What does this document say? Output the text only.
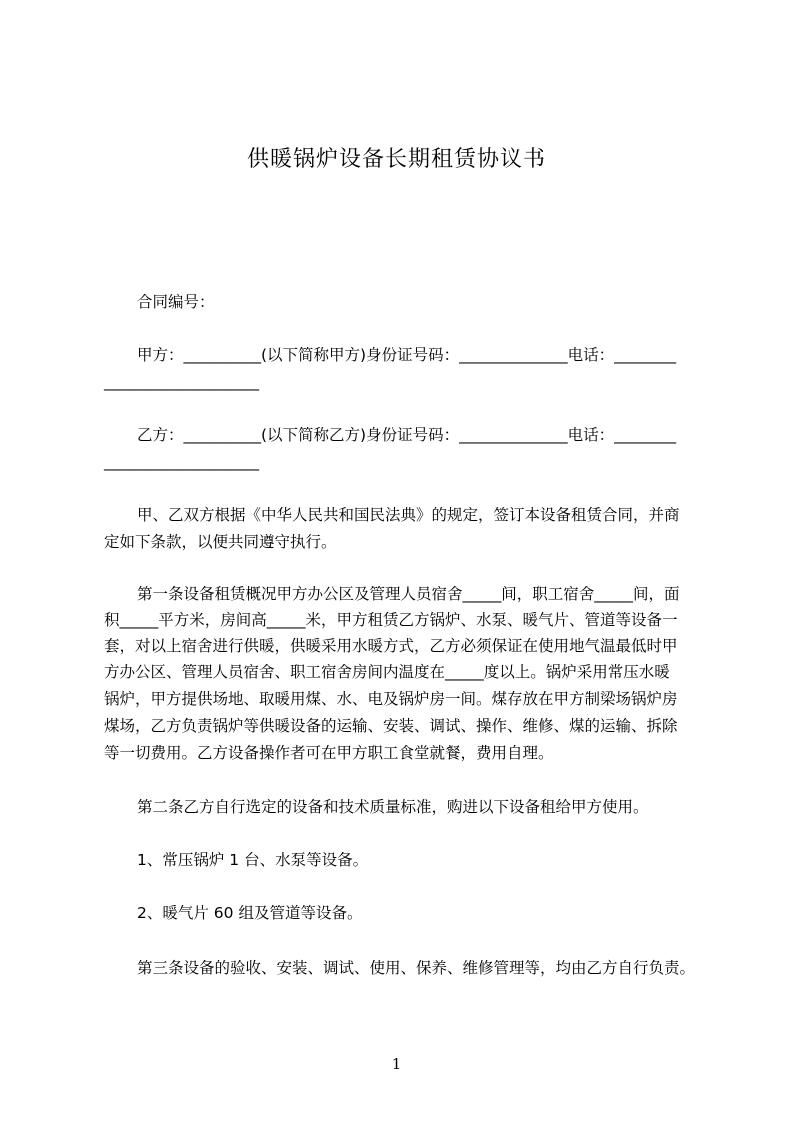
供暖锅炉设备长期租赁协议书
合同编号：
甲方：__________(以下简称甲方)身份证号码：______________电话：________
____________________
乙方：__________(以下简称乙方)身份证号码：______________电话：________
____________________
甲、乙双方根据《中华人民共和国民法典》的规定，签订本设备租赁合同，并商
定如下条款，以便共同遵守执行。
第一条设备租赁概况甲方办公区及管理人员宿舍_____间，职工宿舍_____间，面
积_____平方米，房间高_____米，甲方租赁乙方锅炉、水泵、暖气片、管道等设备一
套，对以上宿舍进行供暖，供暖采用水暖方式，乙方必须保证在使用地气温最低时甲
方办公区、管理人员宿舍、职工宿舍房间内温度在_____度以上。锅炉采用常压水暖
锅炉，甲方提供场地、取暖用煤、水、电及锅炉房一间。煤存放在甲方制梁场锅炉房
煤场，乙方负责锅炉等供暖设备的运输、安装、调试、操作、维修、煤的运输、拆除
等一切费用。乙方设备操作者可在甲方职工食堂就餐，费用自理。
第二条乙方自行选定的设备和技术质量标准，购进以下设备租给甲方使用。
1、常压锅炉 1 台、水泵等设备。
2、暖气片 60 组及管道等设备。
第三条设备的验收、安装、调试、使用、保养、维修管理等，均由乙方自行负责。
1
